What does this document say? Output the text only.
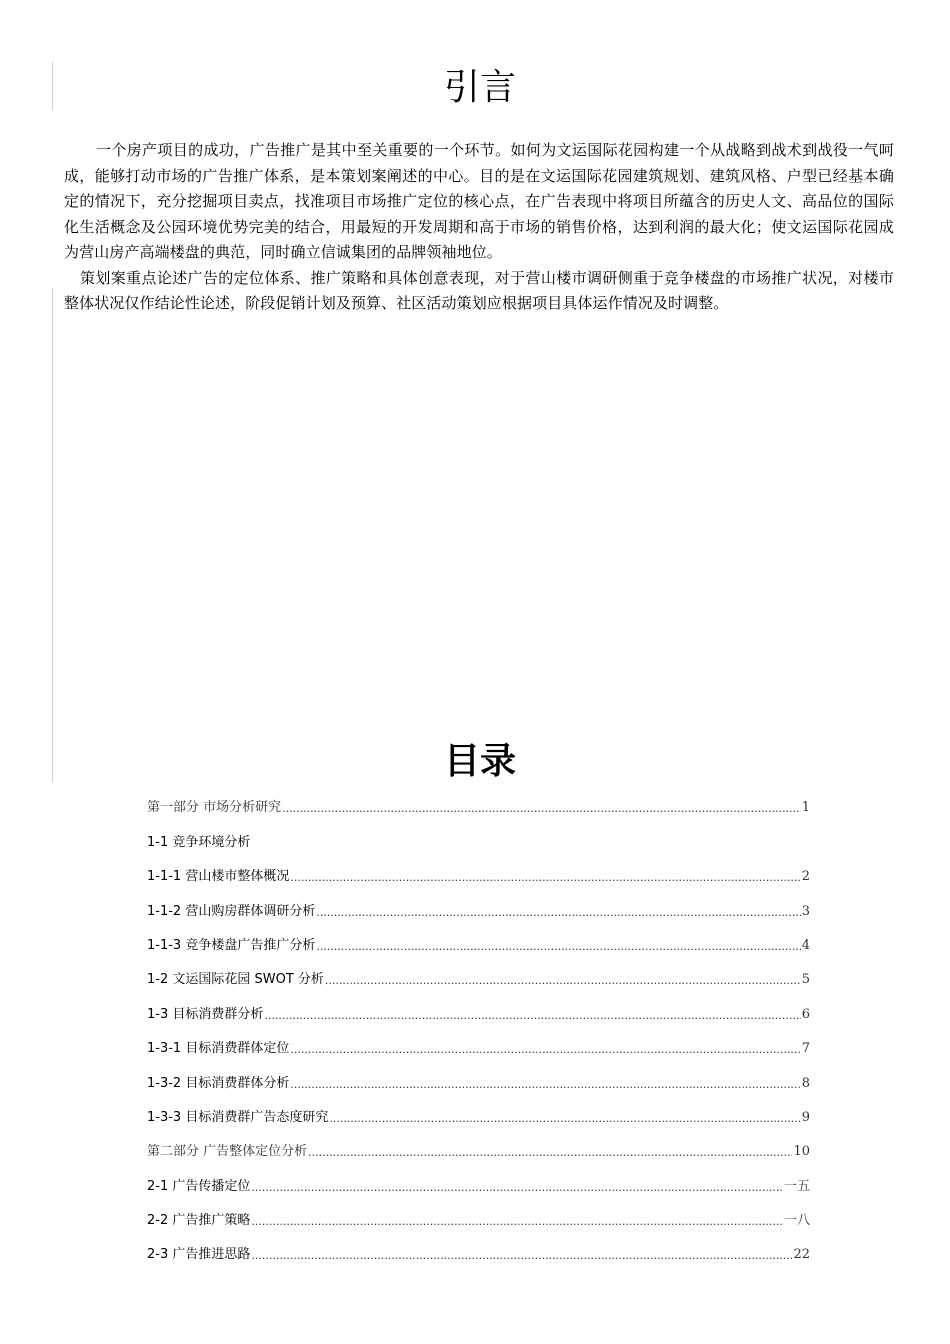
引言

一个房产项目的成功，广告推广是其中至关重要的一个环节。如何为文运国际花园构建一个从战略到战术到战役一气呵成，能够打动市场的广告推广体系，是本策划案阐述的中心。目的是在文运国际花园建筑规划、建筑风格、户型已经基本确定的情况下，充分挖掘项目卖点，找准项目市场推广定位的核心点，在广告表现中将项目所蕴含的历史人文、高品位的国际化生活概念及公园环境优势完美的结合，用最短的开发周期和高于市场的销售价格，达到利润的最大化；使文运国际花园成为营山房产高端楼盘的典范，同时确立信诚集团的品牌领袖地位。

策划案重点论述广告的定位体系、推广策略和具体创意表现，对于营山楼市调研侧重于竞争楼盘的市场推广状况，对楼市整体状况仅作结论性论述，阶段促销计划及预算、社区活动策划应根据项目具体运作情况及时调整。

目录
第一部分 市场分析研究 .....	1
1-1 竞争环境分析
1-1-1 营山楼市整体概况 .....	2
1-1-2 营山购房群体调研分析 .....	3
1-1-3 竞争楼盘广告推广分析 .....	4
1-2 文运国际花园 SWOT 分析 .....	5
1-3 目标消费群分析 .....	6
1-3-1 目标消费群体定位 .....	7
1-3-2 目标消费群体分析 .....	8
1-3-3 目标消费群广告态度研究 .....	9
第二部分 广告整体定位分析 .....	10
2-1 广告传播定位 .....	一五
2-2 广告推广策略 .....	一八
2-3 广告推进思路 .....	22
